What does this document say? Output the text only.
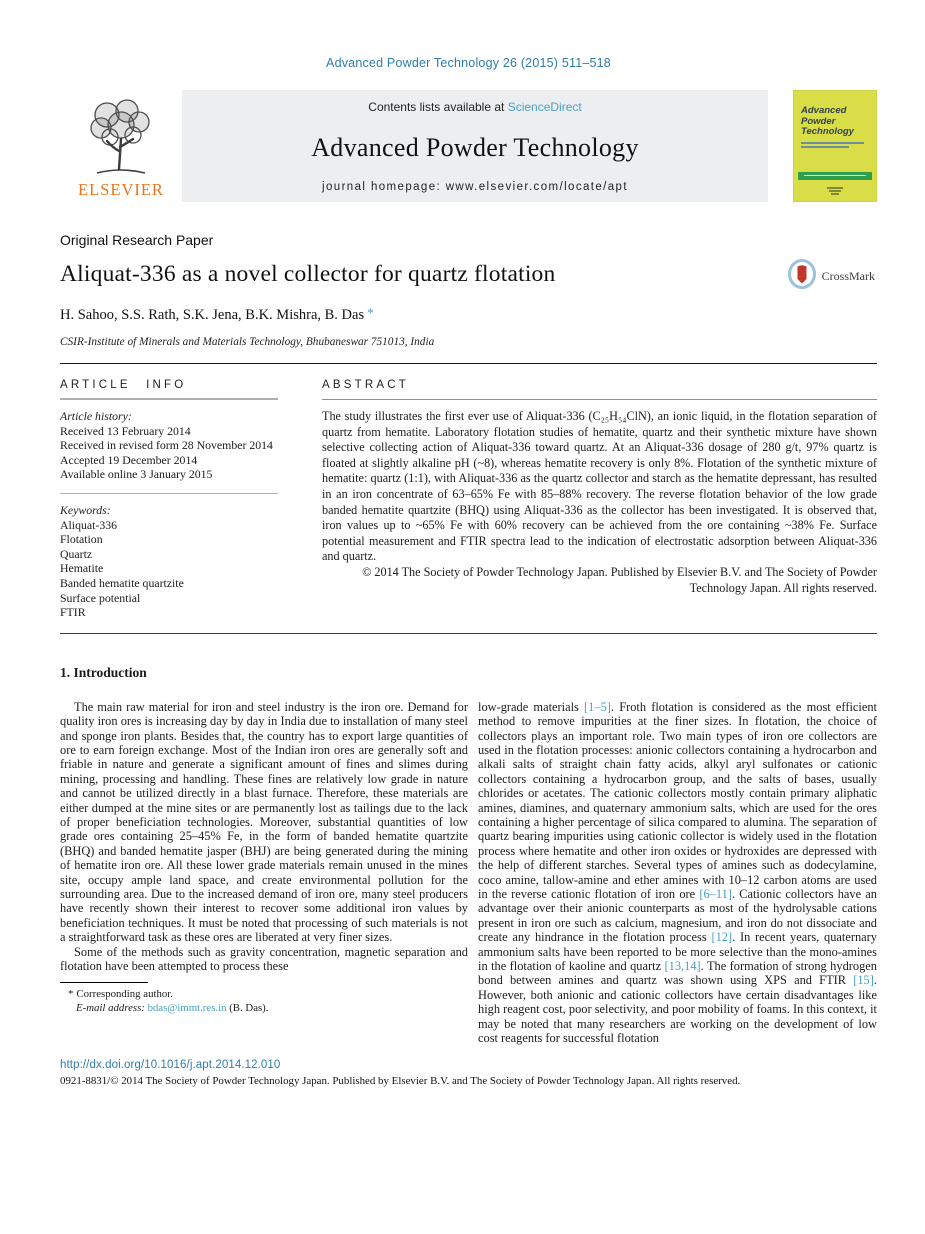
Advanced Powder Technology 26 (2015) 511–518
ELSEVIER
Contents lists available at ScienceDirect
Advanced Powder Technology
journal homepage: www.elsevier.com/locate/apt
Advanced Powder Technology
Original Research Paper
Aliquat-336 as a novel collector for quartz flotation	CrossMark
H. Sahoo, S.S. Rath, S.K. Jena, B.K. Mishra, B. Das *
CSIR-Institute of Minerals and Materials Technology, Bhubaneswar 751013, India
ARTICLE INFO
Article history:
Received 13 February 2014
Received in revised form 28 November 2014
Accepted 19 December 2014
Available online 3 January 2015
Keywords:
Aliquat-336
Flotation
Quartz
Hematite
Banded hematite quartzite
Surface potential
FTIR
ABSTRACT
The study illustrates the first ever use of Aliquat-336 (C₂₅H₅₄ClN), an ionic liquid, in the flotation separation of quartz from hematite. Laboratory flotation studies of hematite, quartz and their synthetic mixture have shown selective collecting action of Aliquat-336 toward quartz. At an Aliquat-336 dosage of 280 g/t, 97% quartz is floated at slightly alkaline pH (~8), whereas hematite recovery is only 8%. Flotation of the synthetic mixture of hematite: quartz (1:1), with Aliquat-336 as the quartz collector and starch as the hematite depressant, has resulted in an iron concentrate of 63–65% Fe with 85–88% recovery. The reverse flotation behavior of the low grade banded hematite quartzite (BHQ) using Aliquat-336 as the collector has been investigated. It is observed that, iron values up to ~65% Fe with 60% recovery can be achieved from the ore containing ~38% Fe. Surface potential measurement and FTIR spectra lead to the indication of electrostatic adsorption between Aliquat-336 and quartz.
© 2014 The Society of Powder Technology Japan. Published by Elsevier B.V. and The Society of Powder Technology Japan. All rights reserved.
1. Introduction
The main raw material for iron and steel industry is the iron ore. Demand for quality iron ores is increasing day by day in India due to installation of many steel and sponge iron plants. Besides that, the country has to export large quantities of ore to earn foreign exchange. Most of the Indian iron ores are generally soft and friable in nature and generate a significant amount of fines and slimes during mining, processing and handling. These fines are relatively low grade in nature and cannot be utilized directly in a blast furnace. Therefore, these materials are either dumped at the mine sites or are permanently lost as tailings due to the lack of proper beneficiation technologies. Moreover, substantial quantities of low grade ores containing 25–45% Fe, in the form of banded hematite quartzite (BHQ) and banded hematite jasper (BHJ) are being generated during the mining of hematite iron ore. All these lower grade materials remain unused in the mines site, occupy ample land space, and create environmental pollution for the surrounding area. Due to the increased demand of iron ore, many steel producers have recently shown their interest to recover some additional iron values by beneficiation techniques. It must be noted that processing of such materials is not a straightforward task as these ores are liberated at very finer sizes.
Some of the methods such as gravity concentration, magnetic separation and flotation have been attempted to process these
* Corresponding author.
E-mail address: bdas@immt.res.in (B. Das).
low-grade materials [1–5]. Froth flotation is considered as the most efficient method to remove impurities at the finer sizes. In flotation, the choice of collectors plays an important role. Two main types of iron ore collectors are used in the flotation processes: anionic collectors containing a hydrocarbon and alkali salts of straight chain fatty acids, alkyl aryl sulfonates or cationic collectors containing a hydrocarbon group, and the salts of bases, usually chlorides or acetates. The cationic collectors mostly contain primary aliphatic amines, diamines, and quaternary ammonium salts, which are used for the ores containing a higher percentage of silica compared to alumina. The separation of quartz bearing impurities using cationic collector is widely used in the flotation process where hematite and other iron oxides or hydroxides are depressed with the help of different starches. Several types of amines such as dodecylamine, coco amine, tallow-amine and ether amines with 10–12 carbon atoms are used in the reverse cationic flotation of iron ore [6–11]. Cationic collectors have an advantage over their anionic counterparts as most of the hydrolysable cations present in iron ore such as calcium, magnesium, and iron do not dissociate and create any hindrance in the flotation process [12]. In recent years, quaternary ammonium salts have been reported to be more selective than the mono-amines in the flotation of kaoline and quartz [13,14]. The formation of strong hydrogen bond between amines and quartz was shown using XPS and FTIR [15]. However, both anionic and cationic collectors have certain disadvantages like high reagent cost, poor selectivity, and poor mobility of foams. In this context, it may be noted that many researchers are working on the development of low cost reagents for successful flotation
http://dx.doi.org/10.1016/j.apt.2014.12.010
0921-8831/© 2014 The Society of Powder Technology Japan. Published by Elsevier B.V. and The Society of Powder Technology Japan. All rights reserved.
